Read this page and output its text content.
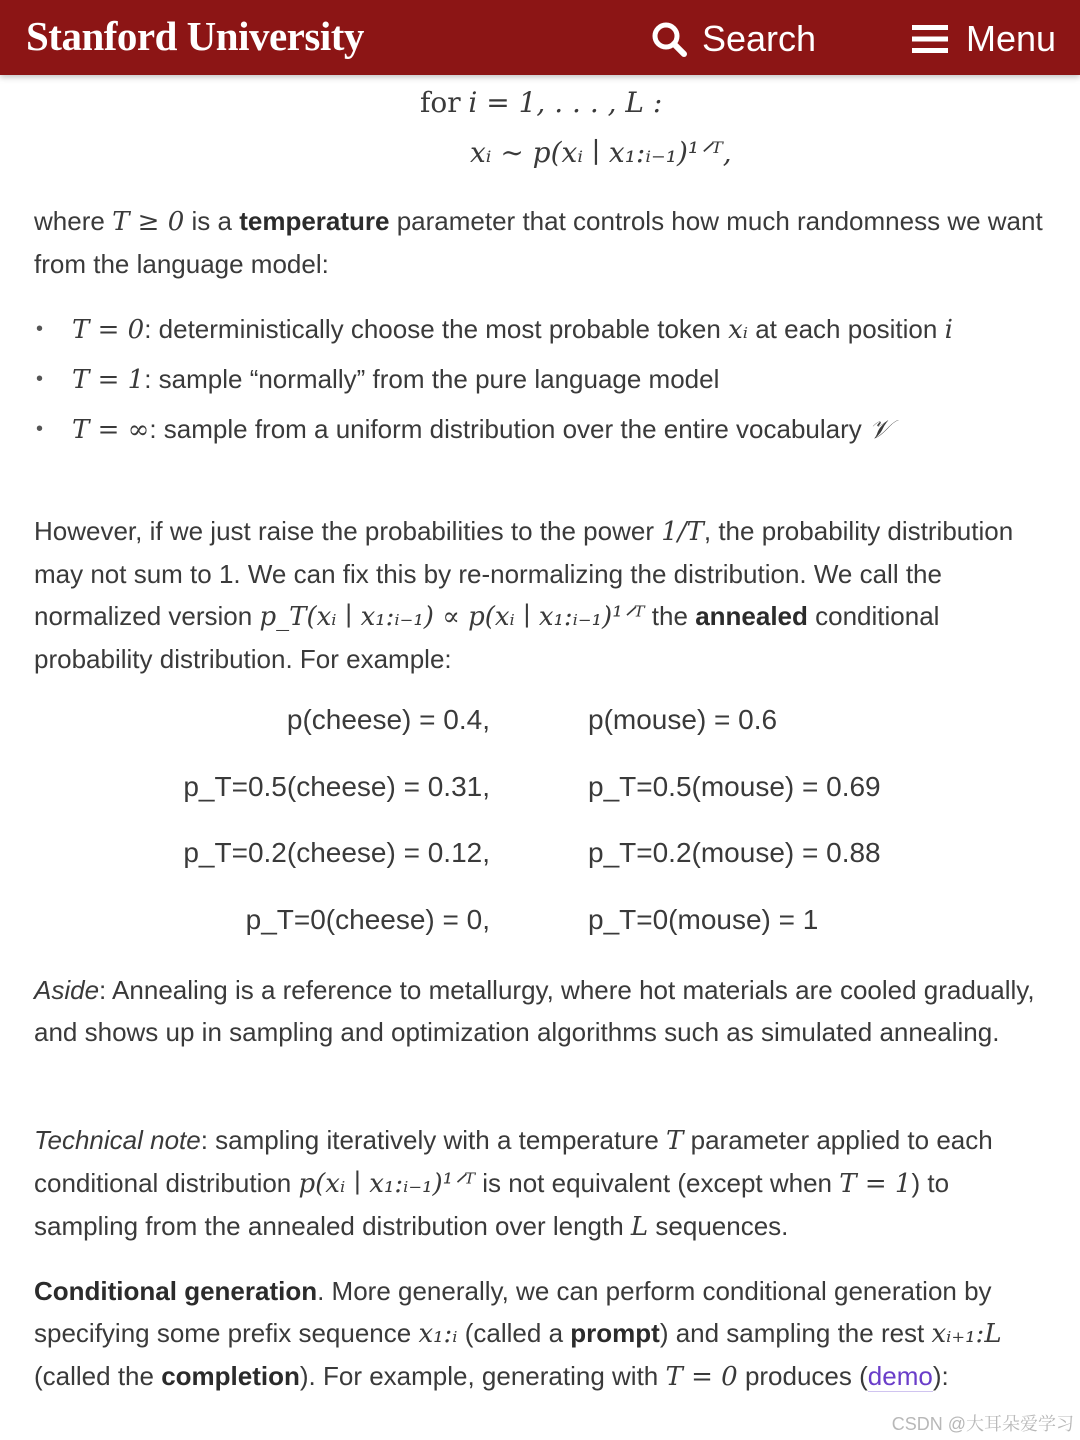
Stanford University	Search	Menu
for i = 1, . . . , L :
xᵢ ∼ p(xᵢ ∣ x₁:ᵢ₋₁)¹ᐟᵀ,
where T ≥ 0 is a temperature parameter that controls how much randomness we want from the language model:
• T = 0: deterministically choose the most probable token xᵢ at each position i
• T = 1: sample “normally” from the pure language model
• T = ∞: sample from a uniform distribution over the entire vocabulary 𝒱
However, if we just raise the probabilities to the power 1/T, the probability distribution may not sum to 1. We can fix this by re-normalizing the distribution. We call the normalized version p_T(xᵢ ∣ x₁:ᵢ₋₁) ∝ p(xᵢ ∣ x₁:ᵢ₋₁)¹ᐟᵀ the annealed conditional probability distribution. For example:
p(cheese) = 0.4,	p(mouse) = 0.6
p_T=0.5(cheese) = 0.31,	p_T=0.5(mouse) = 0.69
p_T=0.2(cheese) = 0.12,	p_T=0.2(mouse) = 0.88
p_T=0(cheese) = 0,	p_T=0(mouse) = 1
Aside: Annealing is a reference to metallurgy, where hot materials are cooled gradually, and shows up in sampling and optimization algorithms such as simulated annealing.
Technical note: sampling iteratively with a temperature T parameter applied to each conditional distribution p(xᵢ ∣ x₁:ᵢ₋₁)¹ᐟᵀ is not equivalent (except when T = 1) to sampling from the annealed distribution over length L sequences.
Conditional generation. More generally, we can perform conditional generation by specifying some prefix sequence x₁:ᵢ (called a prompt) and sampling the rest xᵢ₊₁:L (called the completion). For example, generating with T = 0 produces (demo):
CSDN @大耳朵爱学习
